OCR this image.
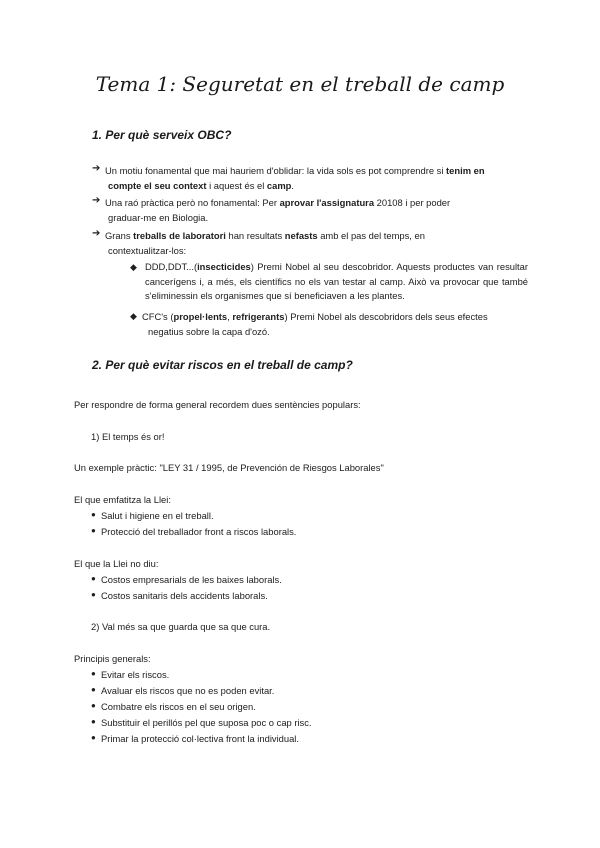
Tema 1: Seguretat en el treball de camp
1. Per què serveix OBC?
➔ Un motiu fonamental que mai hauriem d'oblidar: la vida sols es pot comprendre si tenim en
compte el seu context i aquest és el camp.
➔ Una raó pràctica però no fonamental: Per aprovar l'assignatura 20108 i per poder
graduar-me en Biologia.
➔ Grans treballs de laboratori han resultats nefasts amb el pas del temps, en
contextualitzar-los:
◆ DDD,DDT...(insecticides) Premi Nobel al seu descobridor. Aquests productes van resultar cancerígens i, a més, els científics no els van testar al camp. Això va provocar que també s'eliminessin els organismes que sí beneficiaven a les plantes.
◆ CFC's (propel·lents, refrigerants) Premi Nobel als descobridors dels seus efectes
negatius sobre la capa d'ozó.
2. Per què evitar riscos en el treball de camp?
Per respondre de forma general recordem dues sentències populars:
1) El temps és or!
Un exemple pràctic: "LEY 31 / 1995, de Prevención de Riesgos Laborales"
El que emfatitza la Llei:
● Salut i higiene en el treball.
● Protecció del treballador front a riscos laborals.
El que la Llei no diu:
● Costos empresarials de les baixes laborals.
● Costos sanitaris dels accidents laborals.
2) Val més sa que guarda que sa que cura.
Principis generals:
● Evitar els riscos.
● Avaluar els riscos que no es poden evitar.
● Combatre els riscos en el seu origen.
● Substituir el perillós pel que suposa poc o cap risc.
● Primar la protecció col·lectiva front la individual.
